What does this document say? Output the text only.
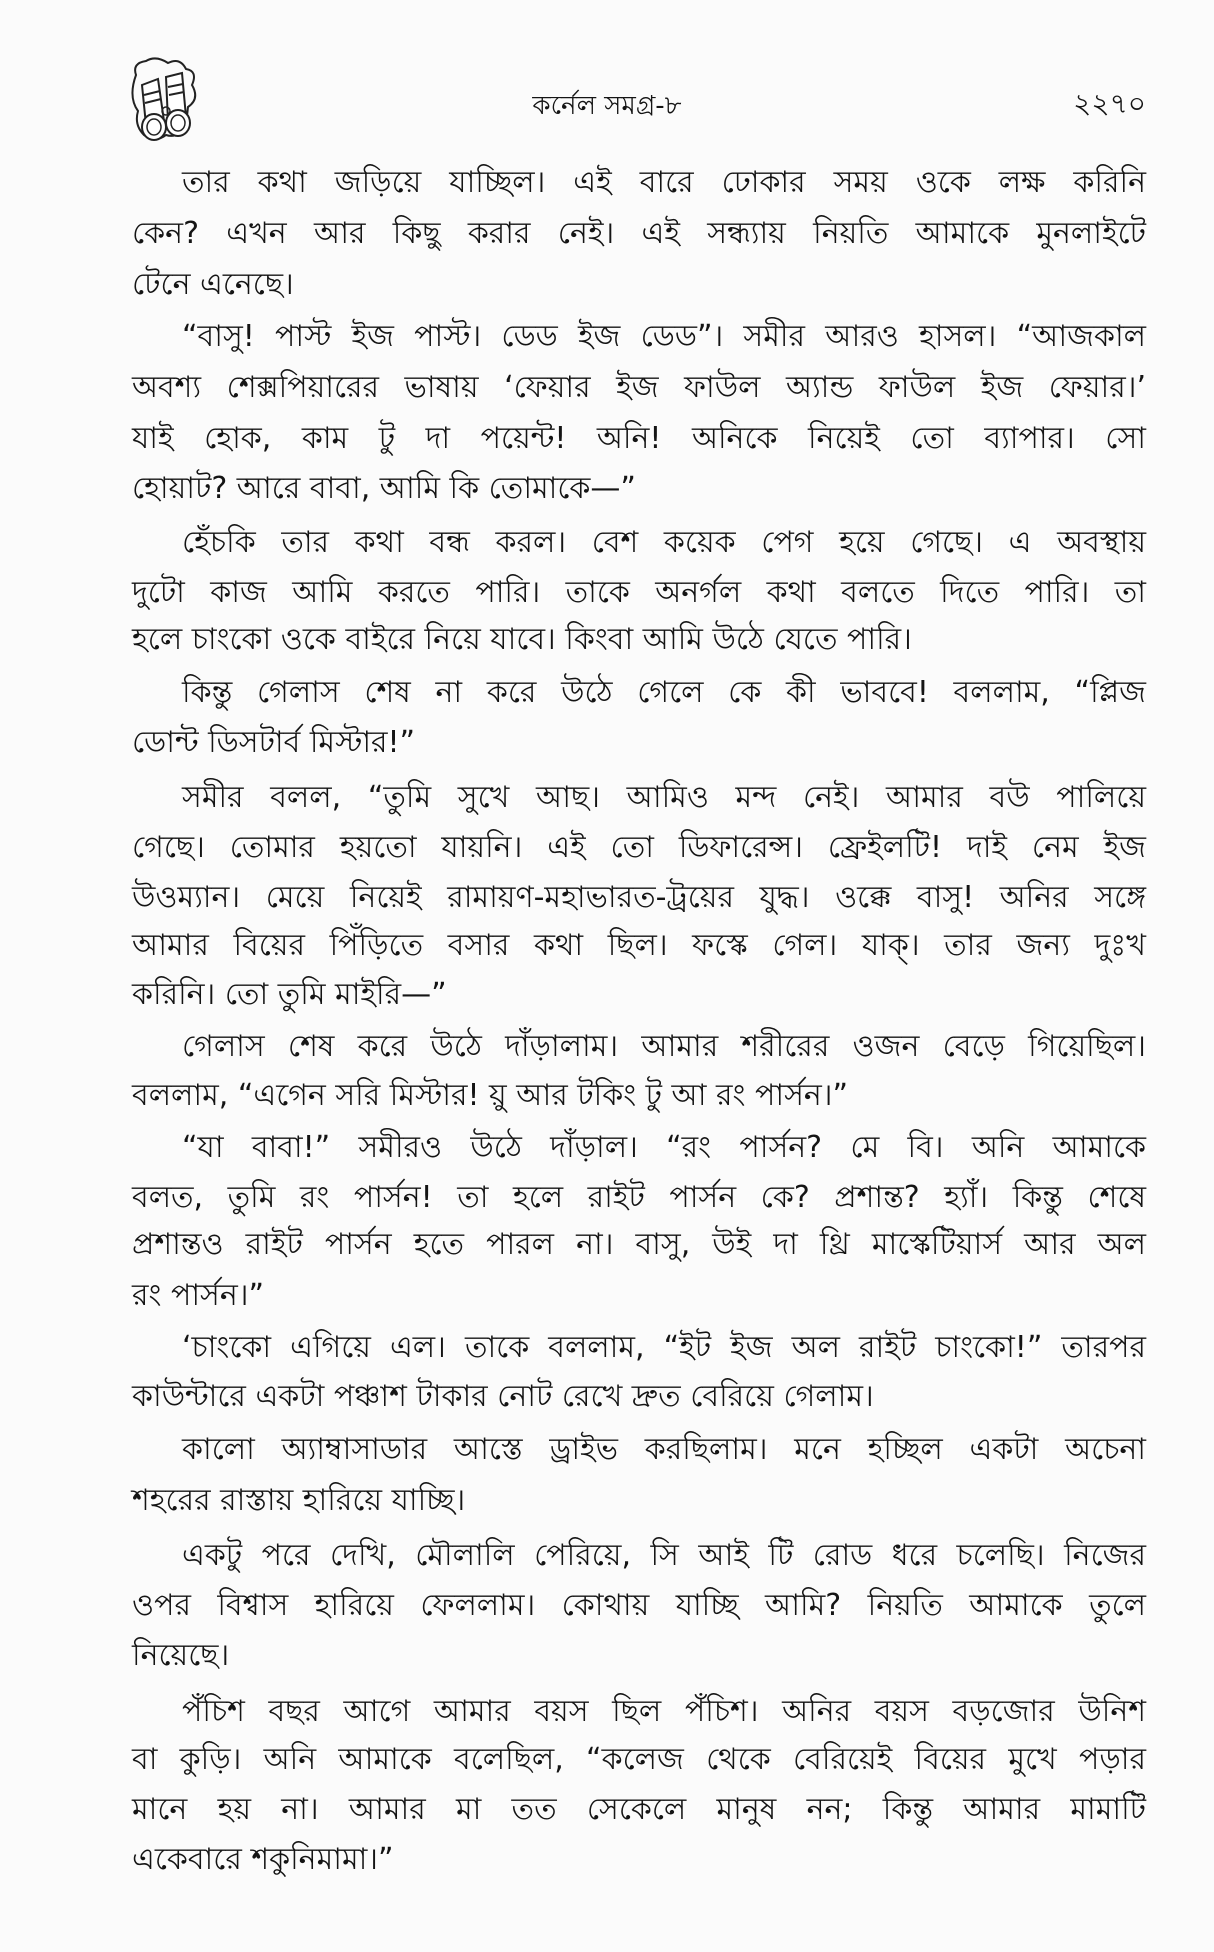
কর্নেল সমগ্র-৮	২২৭০
তার কথা জড়িয়ে যাচ্ছিল। এই বারে ঢোকার সময় ওকে লক্ষ করিনি
কেন? এখন আর কিছু করার নেই। এই সন্ধ্যায় নিয়তি আমাকে মুনলাইটে
টেনে এনেছে।
“বাসু! পাস্ট ইজ পাস্ট। ডেড ইজ ডেড”। সমীর আরও হাসল। “আজকাল
অবশ্য শেক্সপিয়ারের ভাষায় ‘ফেয়ার ইজ ফাউল অ্যান্ড ফাউল ইজ ফেয়ার।’
যাই হোক, কাম টু দা পয়েন্ট! অনি! অনিকে নিয়েই তো ব্যাপার। সো
হোয়াট? আরে বাবা, আমি কি তোমাকে—”
হেঁচকি তার কথা বন্ধ করল। বেশ কয়েক পেগ হয়ে গেছে। এ অবস্থায়
দুটো কাজ আমি করতে পারি। তাকে অনর্গল কথা বলতে দিতে পারি। তা
হলে চাংকো ওকে বাইরে নিয়ে যাবে। কিংবা আমি উঠে যেতে পারি।
কিন্তু গেলাস শেষ না করে উঠে গেলে কে কী ভাববে! বললাম, “প্লিজ
ডোন্ট ডিসটার্ব মিস্টার!”
সমীর বলল, “তুমি সুখে আছ। আমিও মন্দ নেই। আমার বউ পালিয়ে
গেছে। তোমার হয়তো যায়নি। এই তো ডিফারেন্স। ফ্রেইলটি! দাই নেম ইজ
উওম্যান। মেয়ে নিয়েই রামায়ণ-মহাভারত-ট্রয়ের যুদ্ধ। ওক্কে বাসু! অনির সঙ্গে
আমার বিয়ের পিঁড়িতে বসার কথা ছিল। ফস্কে গেল। যাক্। তার জন্য দুঃখ
করিনি। তো তুমি মাইরি—”
গেলাস শেষ করে উঠে দাঁড়ালাম। আমার শরীরের ওজন বেড়ে গিয়েছিল।
বললাম, “এগেন সরি মিস্টার! য়ু আর টকিং টু আ রং পার্সন।”
“যা বাবা!” সমীরও উঠে দাঁড়াল। “রং পার্সন? মে বি। অনি আমাকে
বলত, তুমি রং পার্সন! তা হলে রাইট পার্সন কে? প্রশান্ত? হ্যাঁ। কিন্তু শেষে
প্রশান্তও রাইট পার্সন হতে পারল না। বাসু, উই দা থ্রি মাস্কেটিয়ার্স আর অল
রং পার্সন।”
‘চাংকো এগিয়ে এল। তাকে বললাম, “ইট ইজ অল রাইট চাংকো!” তারপর
কাউন্টারে একটা পঞ্চাশ টাকার নোট রেখে দ্রুত বেরিয়ে গেলাম।
কালো অ্যাম্বাসাডার আস্তে ড্রাইভ করছিলাম। মনে হচ্ছিল একটা অচেনা
শহরের রাস্তায় হারিয়ে যাচ্ছি।
একটু পরে দেখি, মৌলালি পেরিয়ে, সি আই টি রোড ধরে চলেছি। নিজের
ওপর বিশ্বাস হারিয়ে ফেললাম। কোথায় যাচ্ছি আমি? নিয়তি আমাকে তুলে
নিয়েছে।
পঁচিশ বছর আগে আমার বয়স ছিল পঁচিশ। অনির বয়স বড়জোর উনিশ
বা কুড়ি। অনি আমাকে বলেছিল, “কলেজ থেকে বেরিয়েই বিয়ের মুখে পড়ার
মানে হয় না। আমার মা তত সেকেলে মানুষ নন; কিন্তু আমার মামাটি
একেবারে শকুনিমামা।”
